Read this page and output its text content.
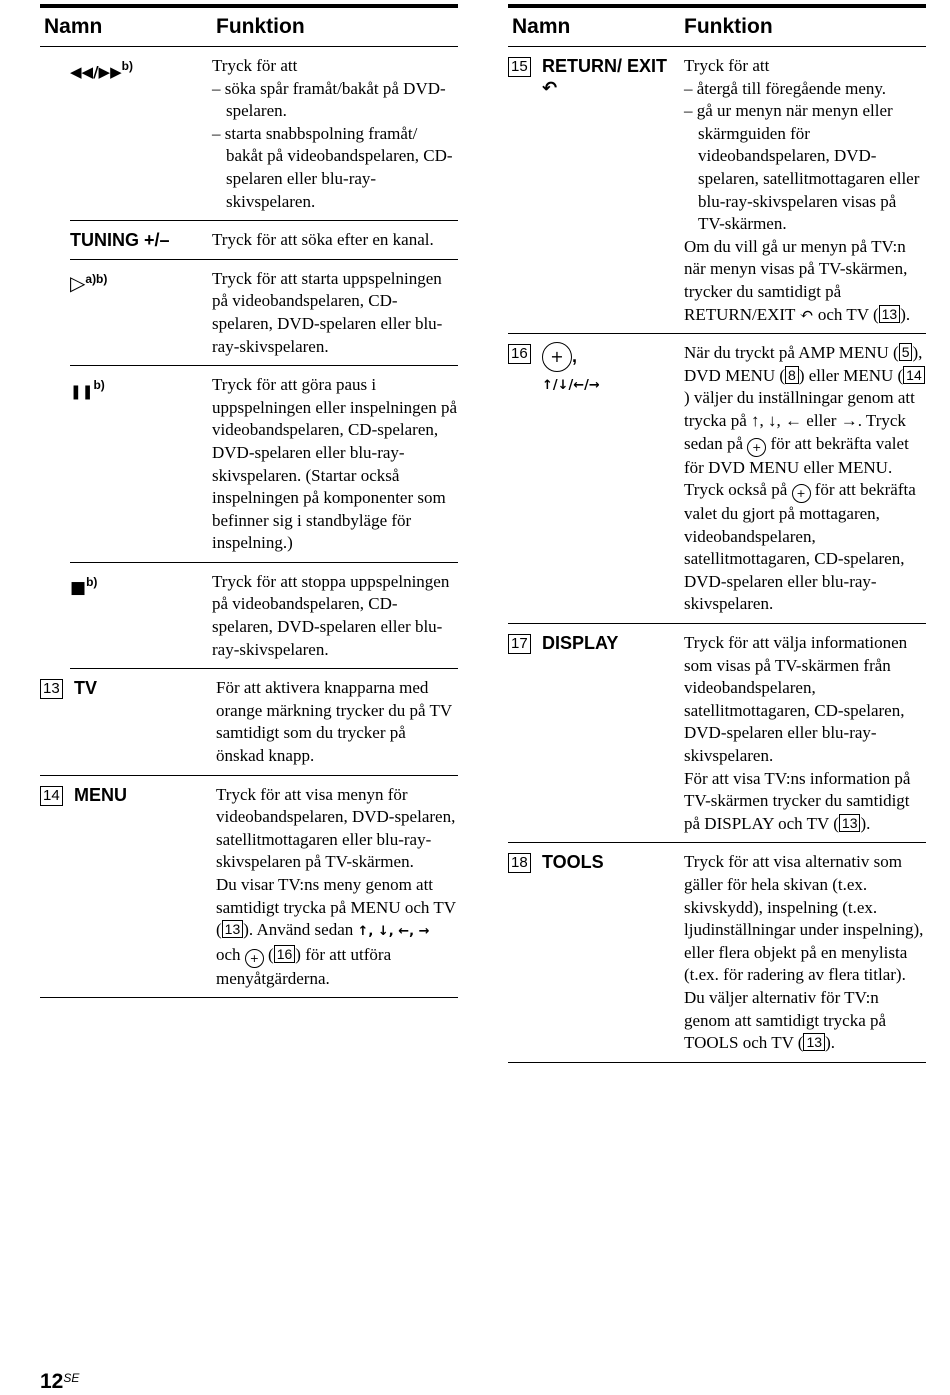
Namn	Funktion
◀◀/▶▶$^{b)}$	Tryck för att
– söka spår framåt/bakåt på DVD-spelaren.
– starta snabbspolning framåt/ bakåt på videobandspelaren, CD-spelaren eller blu-ray-skivspelaren.
TUNING +/–	Tryck för att söka efter en kanal.
▷$^{a)b)}$	Tryck för att starta uppspelningen på videobandspelaren, CD-spelaren, DVD-spelaren eller blu-ray-skivspelaren.
❚❚$^{b)}$	Tryck för att göra paus i uppspelningen eller inspelningen på videobandspelaren, CD-spelaren, DVD-spelaren eller blu-ray-skivspelaren. (Startar också inspelningen på komponenter som befinner sig i standbyläge för inspelning.)
■$^{b)}$	Tryck för att stoppa uppspelningen på videobandspelaren, CD-spelaren, DVD-spelaren eller blu-ray-skivspelaren.
13 TV	För att aktivera knapparna med orange märkning trycker du på TV samtidigt som du trycker på önskad knapp.
14 MENU	Tryck för att visa menyn för videobandspelaren, DVD-spelaren, satellitmottagaren eller blu-ray-skivspelaren på TV-skärmen.
Du visar TV:ns meny genom att samtidigt trycka på MENU och TV ( 13 ). Använd sedan ↑, ↓, ←, → och + ( 16 ) för att utföra menyåtgärderna.
Namn	Funktion
15 RETURN/ EXIT ↶
Tryck för att
– återgå till föregående meny.
– gå ur menyn när menyn eller skärmguiden för videobandspelaren, DVD-spelaren, satellitmottagaren eller blu-ray-skivspelaren visas på TV-skärmen.
Om du vill gå ur menyn på TV:n när menyn visas på TV-skärmen, trycker du samtidigt på RETURN/EXIT ↶ och TV ( 13 ).
16	+ ,
↑/↓/←/→
När du tryckt på AMP MENU ( 5 ), DVD MENU ( 8 ) eller MENU ( 14) väljer du inställningar genom att trycka på ↑, ↓, ← eller →. Tryck sedan på + för att bekräfta valet för DVD MENU eller MENU. Tryck också på + för att bekräfta valet du gjort på mottagaren, videobandspelaren, satellitmottagaren, CD-spelaren, DVD-spelaren eller blu-ray-skivspelaren.
17 DISPLAY	Tryck för att välja informationen som visas på TV-skärmen från videobandspelaren, satellitmottagaren, CD-spelaren, DVD-spelaren eller blu-ray-skivspelaren.
För att visa TV:ns information på TV-skärmen trycker du samtidigt på DISPLAY och TV ( 13 ).
18 TOOLS	Tryck för att visa alternativ som gäller för hela skivan (t.ex. skivskydd), inspelning (t.ex. ljudinställningar under inspelning), eller flera objekt på en menylista (t.ex. för radering av flera titlar). Du väljer alternativ för TV:n genom att samtidigt trycka på TOOLS och TV ( 13 ).
$12^{SE}$
